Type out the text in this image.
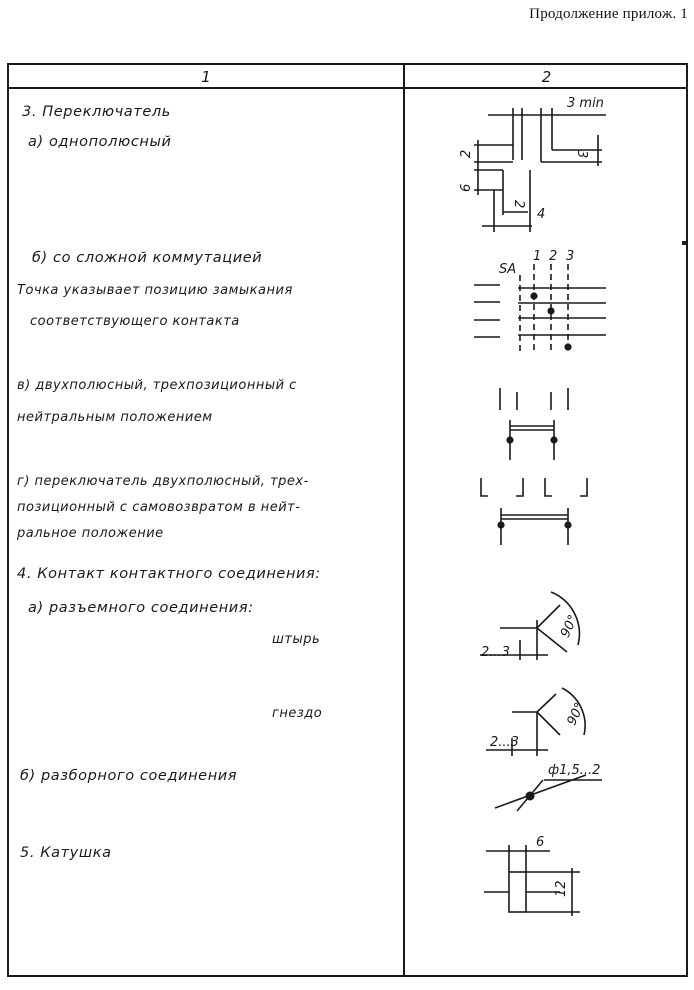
Продолжение прилож. 1
1	2
3. Переключатель
а) однополюсный
б) со сложной коммутацией
Точка указывает позицию замыкания
соответствующего контакта
в) двухполюсный, трехпозиционный с
нейтральным положением
г) переключатель двухполюсный, трех-
позиционный с самовозвратом в нейт-
ральное положение
4. Контакт контактного соединения:
а) разъемного соединения:
штырь
гнездо
б) разборного соединения
5. Катушка
3 min
3
2
6
2
4
SA
1 2 3
90°
2...3
90°
2...3
ф1,5...2
6
12
